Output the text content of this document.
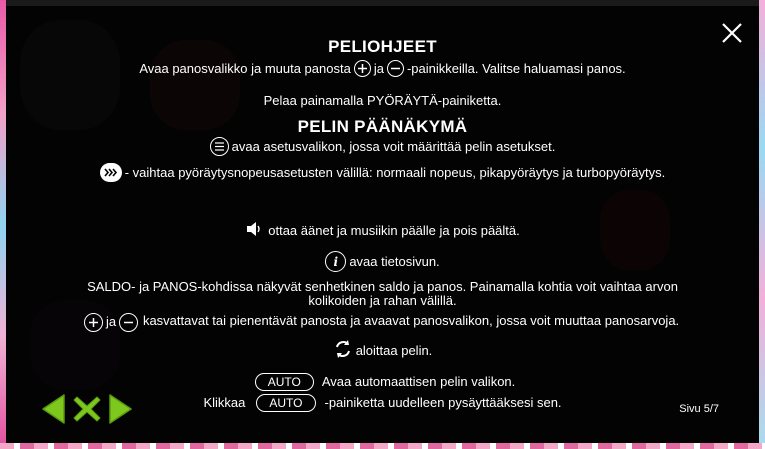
PELIOHJEET
Avaa panosvalikko ja muuta panosta ja -painikkeilla. Valitse haluamasi panos.
Pelaa painamalla PYÖRÄYTÄ-painiketta.
PELIN PÄÄNÄKYMÄ
avaa asetusvalikon, jossa voit määrittää pelin asetukset.
- vaihtaa pyöräytysnopeusasetusten välillä: normaali nopeus, pikapyöräytys ja turbopyöräytys.
ottaa äänet ja musiikin päälle ja pois päältä.
i avaa tietosivun.
SALDO- ja PANOS-kohdissa näkyvät senhetkinen saldo ja panos. Painamalla kohtia voit vaihtaa arvon kolikoiden ja rahan välillä.
ja kasvattavat tai pienentävät panosta ja avaavat panosvalikon, jossa voit muuttaa panosarvoja.
aloittaa pelin.
AUTO	Avaa automaattisen pelin valikon.
Klikkaa	AUTO	-painiketta uudelleen pysäyttääksesi sen.	Sivu 5/7
